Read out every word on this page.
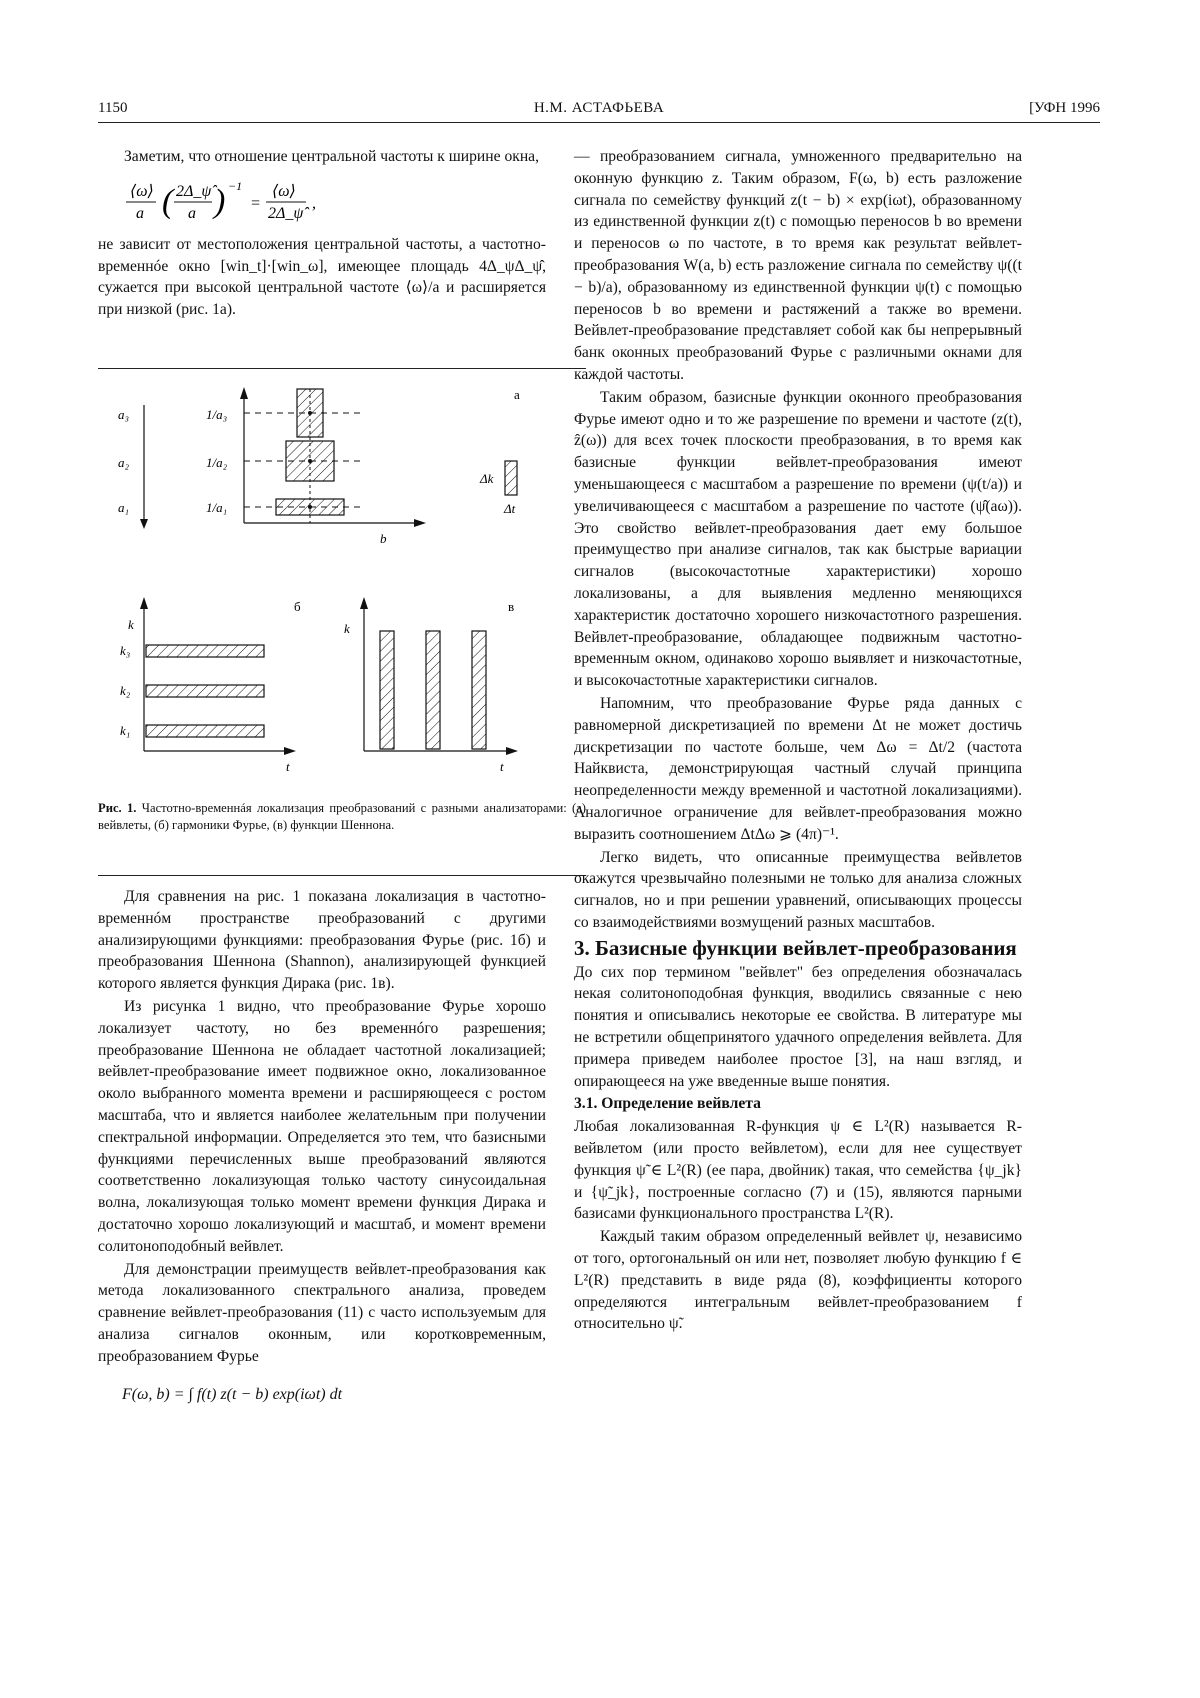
1150	Н.М. АСТАФЬЕВА	[УФН 1996

Заметим, что отношение центральной частоты к ширине окна,

⟨ω⟩
a ( 2Δ_ψ̂
a ) −1
=
⟨ω⟩
2Δ_ψ̂
,

не зависит от местоположения центральной частоты, а частотно-временнóе окно [win_t]·[win_ω], имеющее площадь 4Δ_ψΔ_ψ̂, сужается при высокой центральной частоте ⟨ω⟩/a и расширяется при низкой (рис. 1а).

а
a₃
a₂
a₁
1/a₃
1/a₂
1/a₁
b
Δk
Δt
б
k
t
k₃
k₂
k₁
в
k
t
Рис. 1. Частотно-временнáя локализация преобразований с разными анализаторами: (а) вейвлеты, (б) гармоники Фурье, (в) функции Шеннона.

Для сравнения на рис. 1 показана локализация в частотно-временнóм пространстве преобразований с другими анализирующими функциями: преобразования Фурье (рис. 1б) и преобразования Шеннона (Shannon), анализирующей функцией которого является функция Дирака (рис. 1в).

Из рисунка 1 видно, что преобразование Фурье хорошо локализует частоту, но без временнóго разрешения; преобразование Шеннона не обладает частотной локализацией; вейвлет-преобразование имеет подвижное окно, локализованное около выбранного момента времени и расширяющееся с ростом масштаба, что и является наиболее желательным при получении спектральной информации. Определяется это тем, что базисными функциями перечисленных выше преобразований являются соответственно локализующая только частоту синусоидальная волна, локализующая только момент времени функция Дирака и достаточно хорошо локализующий и масштаб, и момент времени солитоноподобный вейвлет.

Для демонстрации преимуществ вейвлет-преобразования как метода локализованного спектрального анализа, проведем сравнение вейвлет-преобразования (11) с часто используемым для анализа сигналов оконным, или коротковременным, преобразованием Фурье

F(ω, b) = ∫ f(t) z(t − b) exp(iωt) dt

— преобразованием сигнала, умноженного предварительно на оконную функцию z. Таким образом, F(ω, b) есть разложение сигнала по семейству функций z(t − b) × exp(iωt), образованному из единственной функции z(t) с помощью переносов b во времени и переносов ω по частоте, в то время как результат вейвлет-преобразования W(a, b) есть разложение сигнала по семейству ψ((t − b)/a), образованному из единственной функции ψ(t) с помощью переносов b во времени и растяжений a также во времени. Вейвлет-преобразование представляет собой как бы непрерывный банк оконных преобразований Фурье с различными окнами для каждой частоты.

Таким образом, базисные функции оконного преобразования Фурье имеют одно и то же разрешение по времени и частоте (z(t), ẑ(ω)) для всех точек плоскости преобразования, в то время как базисные функции вейвлет-преобразования имеют уменьшающееся с масштабом a разрешение по времени (ψ(t/a)) и увеличивающееся с масштабом a разрешение по частоте (ψ̂(aω)). Это свойство вейвлет-преобразования дает ему большое преимущество при анализе сигналов, так как быстрые вариации сигналов (высокочастотные характеристики) хорошо локализованы, а для выявления медленно меняющихся характеристик достаточно хорошего низкочастотного разрешения. Вейвлет-преобразование, обладающее подвижным частотно-временным окном, одинаково хорошо выявляет и низкочастотные, и высокочастотные характеристики сигналов.

Напомним, что преобразование Фурье ряда данных с равномерной дискретизацией по времени Δt не может достичь дискретизации по частоте больше, чем Δω = Δt/2 (частота Найквиста, демонстрирующая частный случай принципа неопределенности между временной и частотной локализациями). Аналогичное ограничение для вейвлет-преобразования можно выразить соотношением ΔtΔω ⩾ (4π)⁻¹.

Легко видеть, что описанные преимущества вейвлетов окажутся чрезвычайно полезными не только для анализа сложных сигналов, но и при решении уравнений, описывающих процессы со взаимодействиями возмущений разных масштабов.

3. Базисные функции вейвлет-преобразования

До сих пор термином "вейвлет" без определения обозначалась некая солитоноподобная функция, вводились связанные с нею понятия и описывались некоторые ее свойства. В литературе мы не встретили общепринятого удачного определения вейвлета. Для примера приведем наиболее простое [3], на наш взгляд, и опирающееся на уже введенные выше понятия.

3.1. Определение вейвлета

Любая локализованная R-функция ψ ∈ L²(R) называется R-вейвлетом (или просто вейвлетом), если для нее существует функция ψ̃ ∈ L²(R) (ее пара, двойник) такая, что семейства {ψ_jk} и {ψ̃_jk}, построенные согласно (7) и (15), являются парными базисами функционального пространства L²(R).

Каждый таким образом определенный вейвлет ψ, независимо от того, ортогональный он или нет, позволяет любую функцию f ∈ L²(R) представить в виде ряда (8), коэффициенты которого определяются интегральным вейвлет-преобразованием f относительно ψ̃.
